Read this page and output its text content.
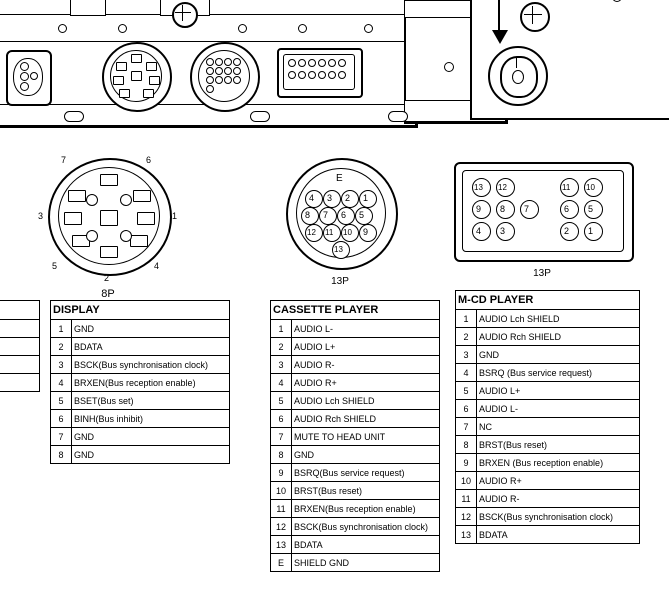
7	6
3	1
5	4
2
8P
E
4 3 2 1
8 7 6 5
12 11 10 9
13
13P
13 12	11 10
9 8 7	6 5
4 3	2 1
13P

DISPLAY	
1	GND
2	BDATA
3	BSCK(Bus synchronisation clock)
4	BRXEN(Bus reception enable)
5	BSET(Bus set)
6	BINH(Bus inhibit)
7	GND
8	GND
CASSETTE PLAYER	
1	AUDIO L-
2	AUDIO L+
3	AUDIO R-
4	AUDIO R+
5	AUDIO Lch SHIELD
6	AUDIO Rch SHIELD
7	MUTE TO HEAD UNIT
8	GND
9	BSRQ(Bus service request)
10	BRST(Bus reset)
11	BRXEN(Bus reception enable)
12	BSCK(Bus synchronisation clock)
13	BDATA
E	SHIELD GND
M-CD PLAYER	
1	AUDIO Lch SHIELD
2	AUDIO Rch SHIELD
3	GND
4	BSRQ (Bus service request)
5	AUDIO L+
6	AUDIO L-
7	NC
8	BRST(Bus reset)
9	BRXEN (Bus reception enable)
10	AUDIO R+
11	AUDIO R-
12	BSCK(Bus synchronisation clock)
13	BDATA
